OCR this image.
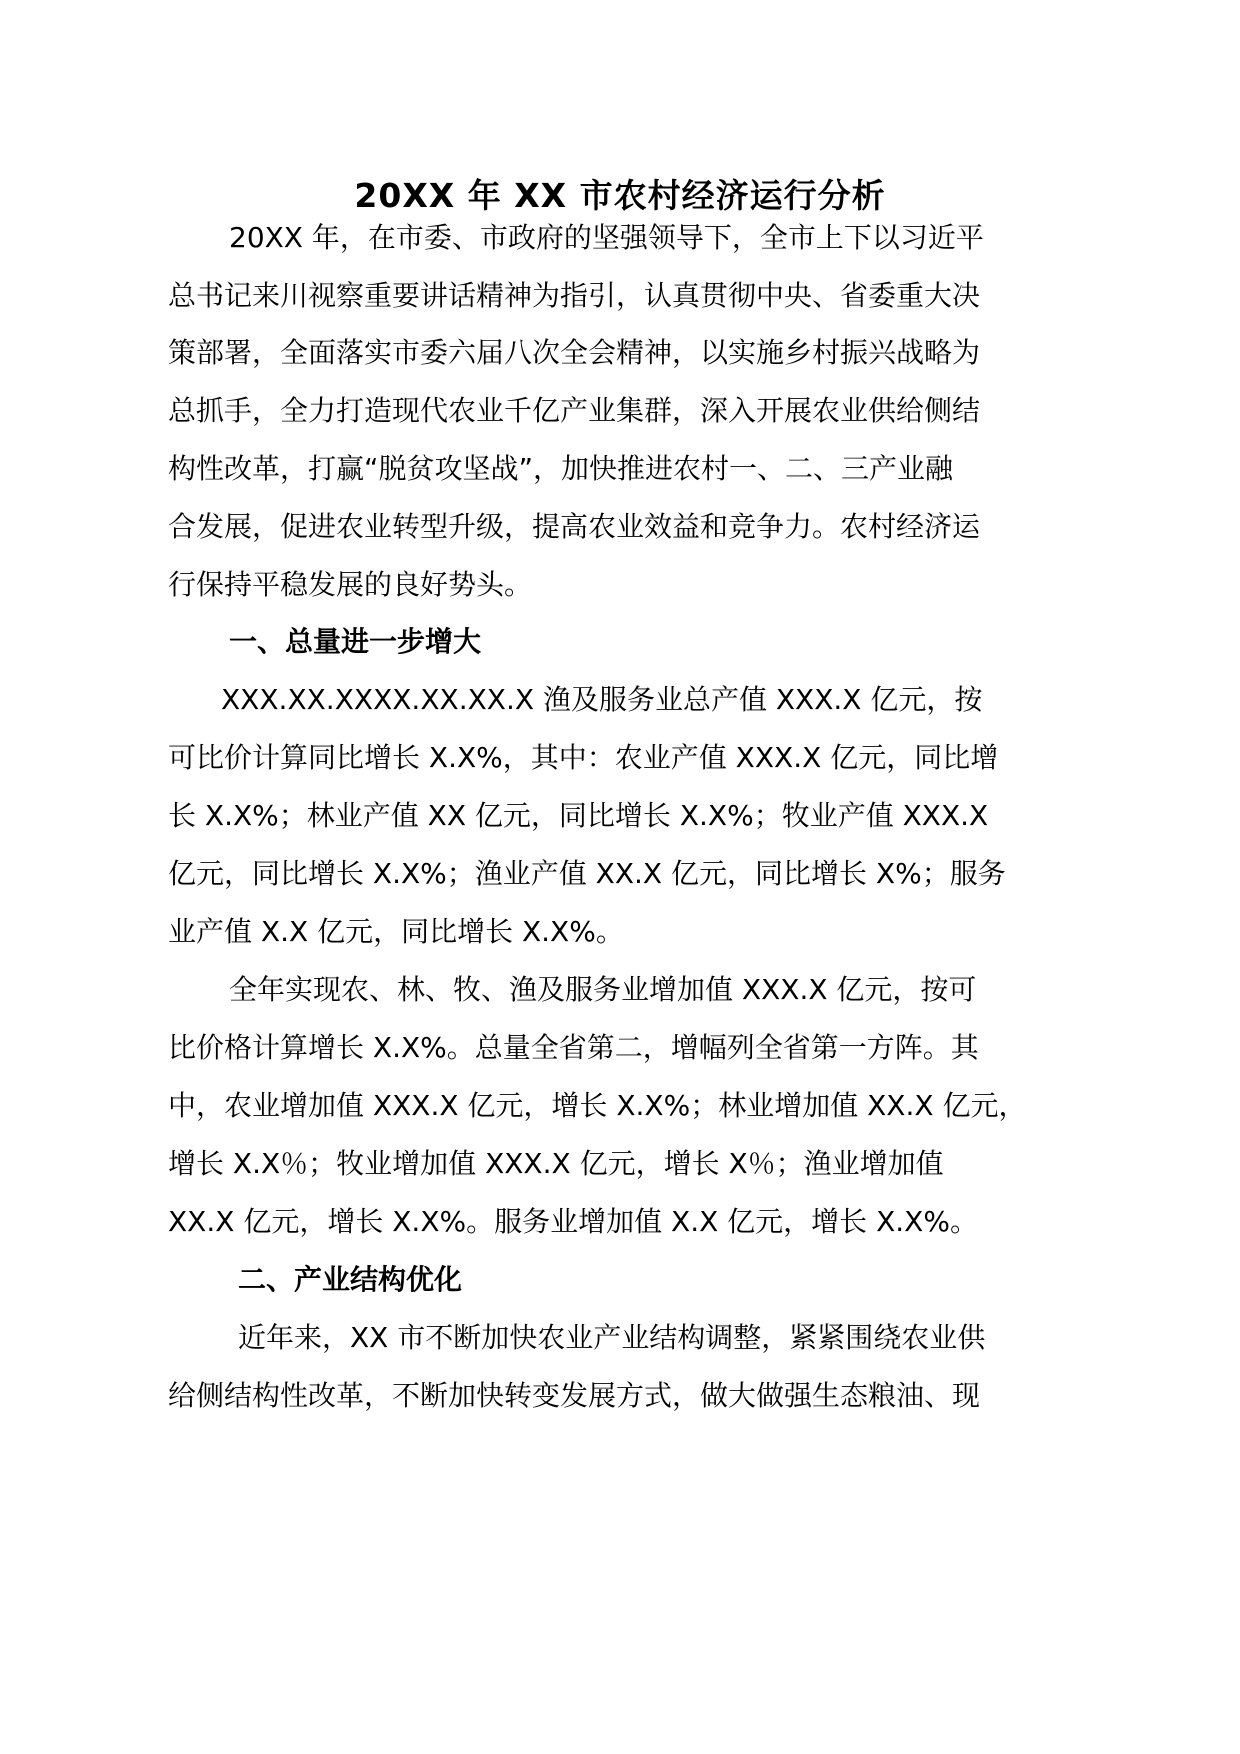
20XX 年 XX 市农村经济运行分析
20XX 年，在市委、市政府的坚强领导下，全市上下以习近平
总书记来川视察重要讲话精神为指引，认真贯彻中央、省委重大决
策部署，全面落实市委六届八次全会精神，以实施乡村振兴战略为
总抓手，全力打造现代农业千亿产业集群，深入开展农业供给侧结
构性改革，打赢“脱贫攻坚战”，加快推进农村一、二、三产业融
合发展，促进农业转型升级，提高农业效益和竞争力。农村经济运
行保持平稳发展的良好势头。
一、总量进一步增大
XXX.XX.XXXX.XX.XX.X 渔及服务业总产值 XXX.X 亿元，按
可比价计算同比增长 X.X%，其中：农业产值 XXX.X 亿元，同比增
长 X.X%；林业产值 XX 亿元，同比增长 X.X%；牧业产值 XXX.X
亿元，同比增长 X.X%；渔业产值 XX.X 亿元，同比增长 X%；服务
业产值 X.X 亿元，同比增长 X.X%。
全年实现农、林、牧、渔及服务业增加值 XXX.X 亿元，按可
比价格计算增长 X.X%。总量全省第二，增幅列全省第一方阵。其
中，农业增加值 XXX.X 亿元，增长 X.X%；林业增加值 XX.X 亿元，
增长 X.X％；牧业增加值 XXX.X 亿元，增长 X％；渔业增加值
XX.X 亿元，增长 X.X%。服务业增加值 X.X 亿元，增长 X.X%。
二、产业结构优化
近年来，XX 市不断加快农业产业结构调整，紧紧围绕农业供
给侧结构性改革，不断加快转变发展方式，做大做强生态粮油、现
